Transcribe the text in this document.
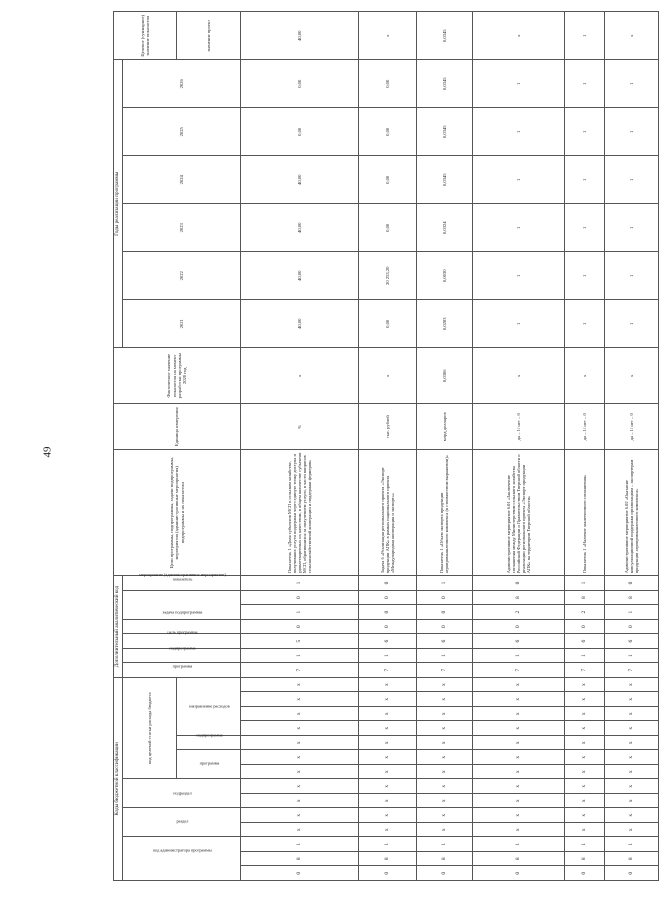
49
Коды бюджетной классификации														Дополнительный аналитический код							Цели программы, подпрограммы, задачи подпрограммы, мероприятия (административные мероприятия) подпрограммы и их показатели	Единица измерения	Фактическое значение показателя на момент разработки программы 2020 год	Годы реализации программы						Целевое (суммарное) значение показателя
код администратора программы			раздел		подраздел		код целевой статьи расхода бюджета							программа	подпрограмма	цель программы	задача подпрограммы	мероприятие (административное мероприятие)		показатель				2021	2022	2023	2024	2025	2026	
							программа		подпрограмма	направление расходов																				значение проект
0	8	1	х	х	х	х	х	х	х	х	х	х	х	7	1	5	0	1	0	1	Показатель 1 «Доля субъектов МСП в сельском хозяйстве, получивших услуги поддержки через единую точку доступа и удовлетворенных их качеством, в общем количестве субъектов МСП, обратившихся за получением услуги, в части вопросов сельскохозяйственной кооперации и поддержки фермеров»	%	х	40,00	40,00	40,00	40,00	0,00	0,00	40,00
0	8	1	х	х	х	х	х	х	х	х	х	х	х	7	1	6	0	0	0	0	Задача 6 «Реализация регионального проекта «Экспорт продукции АПК» в рамках национального проекта «Международная кооперация и экспорт»»	тыс. рублей	х	0,00	20 253,20	0,00	0,00	0,00	0,00	х
0	8	1	х	х	х	х	х	х	х	х	х	х	х	7	1	6	0	0	0	1	Показатель 1 «Объем экспорта продукции агропромышленного комплекса (в стоимостном выражении)»	млрд долларов	0,0306	0,0283	0,0030	0,0324	0,0345	0,0345	0,0345	0,0345
0	8	1	х	х	х	х	х	х	х	х	х	х	х	7	1	6	0	2	8	0	Административное мероприятие 6.01 «Заключение соглашения между Министерством сельского хозяйства Российской Федерации и Правительством Тверской области о реализации регионального проекта «Экспорт продукции АПК» на территории Тверской области»	да – 1/ нет – 0	х	1	1	1	1	1	1	х
0	8	1	х	х	х	х	х	х	х	х	х	х	х	7	1	6	0	2	8	1	Показатель 1 «Наличие заключенного соглашения»	да – 1/ нет – 0	х	1	1	1	1	1	1	1
0	8	1	х	х	х	х	х	х	х	х	х	х	х	7	1	6	0	1	8	0	Административное мероприятие 6.02 «Оказание консультационной поддержки организациям – экспортерам продукции агропромышленного комплекса»	да – 1/ нет – 0	х	1	1	1	1	1	1	х
